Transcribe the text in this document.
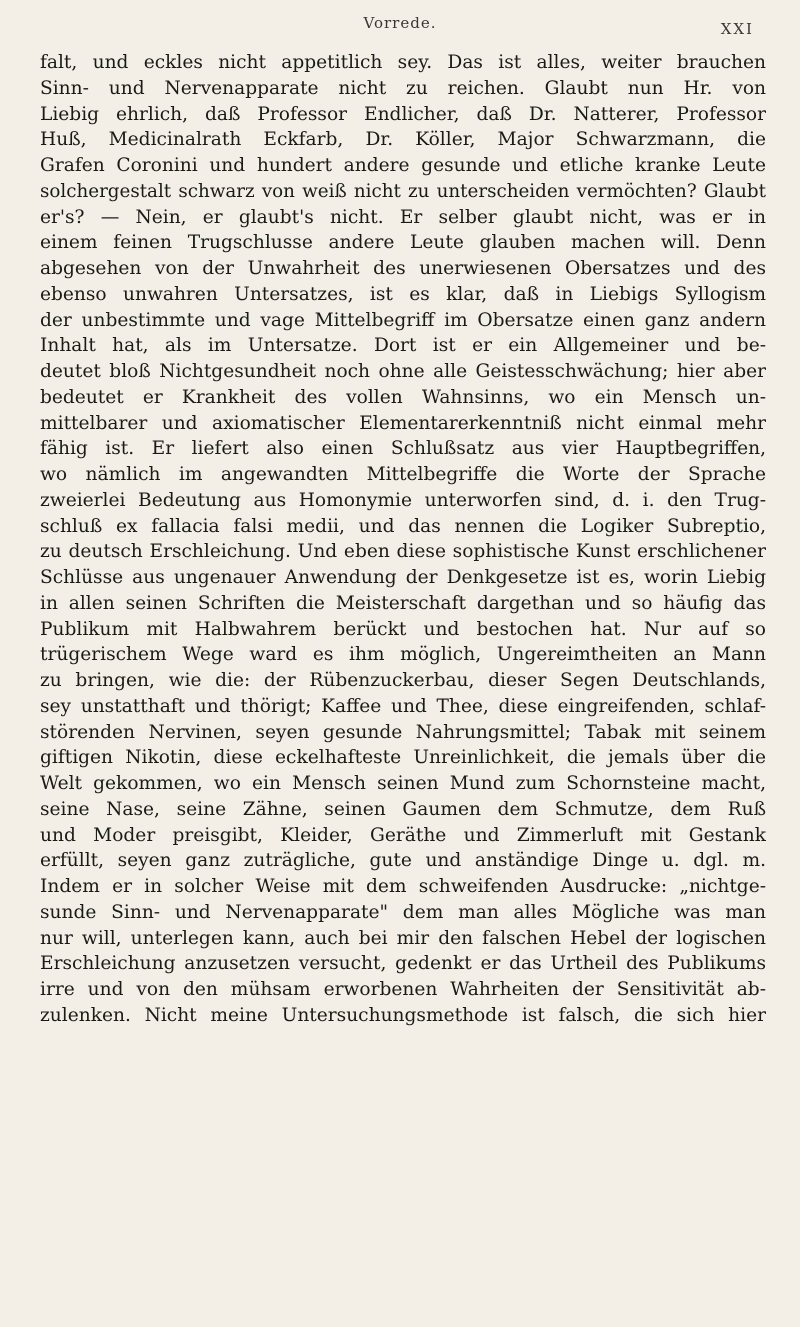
Vorrede.	XXI
falt, und eckles nicht appetitlich sey. Das ist alles, weiter brauchen
Sinn- und Nervenapparate nicht zu reichen. Glaubt nun Hr. von
Liebig ehrlich, daß Professor Endlicher, daß Dr. Natterer, Professor
Huß, Medicinalrath Eckfarb, Dr. Köller, Major Schwarzmann, die
Grafen Coronini und hundert andere gesunde und etliche kranke Leute
solchergestalt schwarz von weiß nicht zu unterscheiden vermöchten? Glaubt
er's? — Nein, er glaubt's nicht. Er selber glaubt nicht, was er in
einem feinen Trugschlusse andere Leute glauben machen will. Denn
abgesehen von der Unwahrheit des unerwiesenen Obersatzes und des
ebenso unwahren Untersatzes, ist es klar, daß in Liebigs Syllogism
der unbestimmte und vage Mittelbegriff im Obersatze einen ganz andern
Inhalt hat, als im Untersatze. Dort ist er ein Allgemeiner und be-
deutet bloß Nichtgesundheit noch ohne alle Geistesschwächung; hier aber
bedeutet er Krankheit des vollen Wahnsinns, wo ein Mensch un-
mittelbarer und axiomatischer Elementarerkenntniß nicht einmal mehr
fähig ist. Er liefert also einen Schlußsatz aus vier Hauptbegriffen,
wo nämlich im angewandten Mittelbegriffe die Worte der Sprache
zweierlei Bedeutung aus Homonymie unterworfen sind, d. i. den Trug-
schluß ex fallacia falsi medii, und das nennen die Logiker Subreptio,
zu deutsch Erschleichung. Und eben diese sophistische Kunst erschlichener
Schlüsse aus ungenauer Anwendung der Denkgesetze ist es, worin Liebig
in allen seinen Schriften die Meisterschaft dargethan und so häufig das
Publikum mit Halbwahrem berückt und bestochen hat. Nur auf so
trügerischem Wege ward es ihm möglich, Ungereimtheiten an Mann
zu bringen, wie die: der Rübenzuckerbau, dieser Segen Deutschlands,
sey unstatthaft und thörigt; Kaffee und Thee, diese eingreifenden, schlaf-
störenden Nervinen, seyen gesunde Nahrungsmittel; Tabak mit seinem
giftigen Nikotin, diese eckelhafteste Unreinlichkeit, die jemals über die
Welt gekommen, wo ein Mensch seinen Mund zum Schornsteine macht,
seine Nase, seine Zähne, seinen Gaumen dem Schmutze, dem Ruß
und Moder preisgibt, Kleider, Geräthe und Zimmerluft mit Gestank
erfüllt, seyen ganz zuträgliche, gute und anständige Dinge u. dgl. m.
Indem er in solcher Weise mit dem schweifenden Ausdrucke: „nichtge-
sunde Sinn- und Nervenapparate" dem man alles Mögliche was man
nur will, unterlegen kann, auch bei mir den falschen Hebel der logischen
Erschleichung anzusetzen versucht, gedenkt er das Urtheil des Publikums
irre und von den mühsam erworbenen Wahrheiten der Sensitivität ab-
zulenken. Nicht meine Untersuchungsmethode ist falsch, die sich hier
